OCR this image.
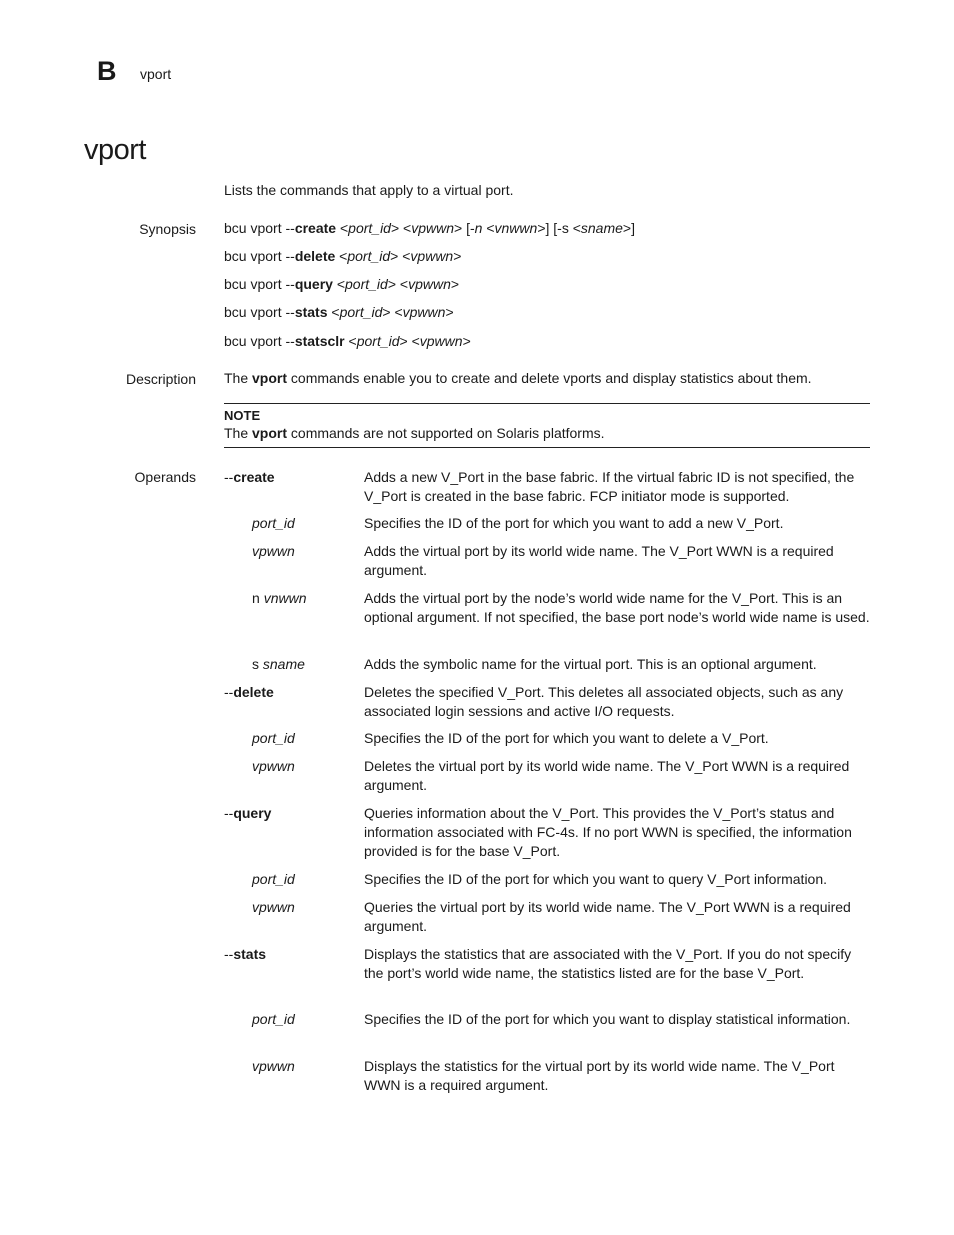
B vport
vport
Lists the commands that apply to a virtual port.
Synopsis bcu vport --create <port_id> <vpwwn> [-n <vnwwn>] [-s <sname>]
bcu vport --delete <port_id> <vpwwn>
bcu vport --query <port_id> <vpwwn>
bcu vport --stats <port_id> <vpwwn>
bcu vport --statsclr <port_id> <vpwwn>
Description The vport commands enable you to create and delete vports and display statistics about them.
NOTE
The vport commands are not supported on Solaris platforms.
Operands --create	Adds a new V_Port in the base fabric. If the virtual fabric ID is not specified, the V_Port is created in the base fabric. FCP initiator mode is supported.
port_id	Specifies the ID of the port for which you want to add a new V_Port.
vpwwn	Adds the virtual port by its world wide name. The V_Port WWN is a required argument.
n vnwwn	Adds the virtual port by the node’s world wide name for the V_Port. This is an optional argument. If not specified, the base port node’s world wide name is used.
s sname	Adds the symbolic name for the virtual port. This is an optional argument.
--delete	Deletes the specified V_Port. This deletes all associated objects, such as any associated login sessions and active I/O requests.
port_id	Specifies the ID of the port for which you want to delete a V_Port.
vpwwn	Deletes the virtual port by its world wide name. The V_Port WWN is a required argument.
--query	Queries information about the V_Port. This provides the V_Port’s status and information associated with FC-4s. If no port WWN is specified, the information provided is for the base V_Port.
port_id	Specifies the ID of the port for which you want to query V_Port information.
vpwwn	Queries the virtual port by its world wide name. The V_Port WWN is a required argument.
--stats	Displays the statistics that are associated with the V_Port. If you do not specify the port’s world wide name, the statistics listed are for the base V_Port.
port_id	Specifies the ID of the port for which you want to display statistical information.
vpwwn	Displays the statistics for the virtual port by its world wide name. The V_Port WWN is a required argument.
